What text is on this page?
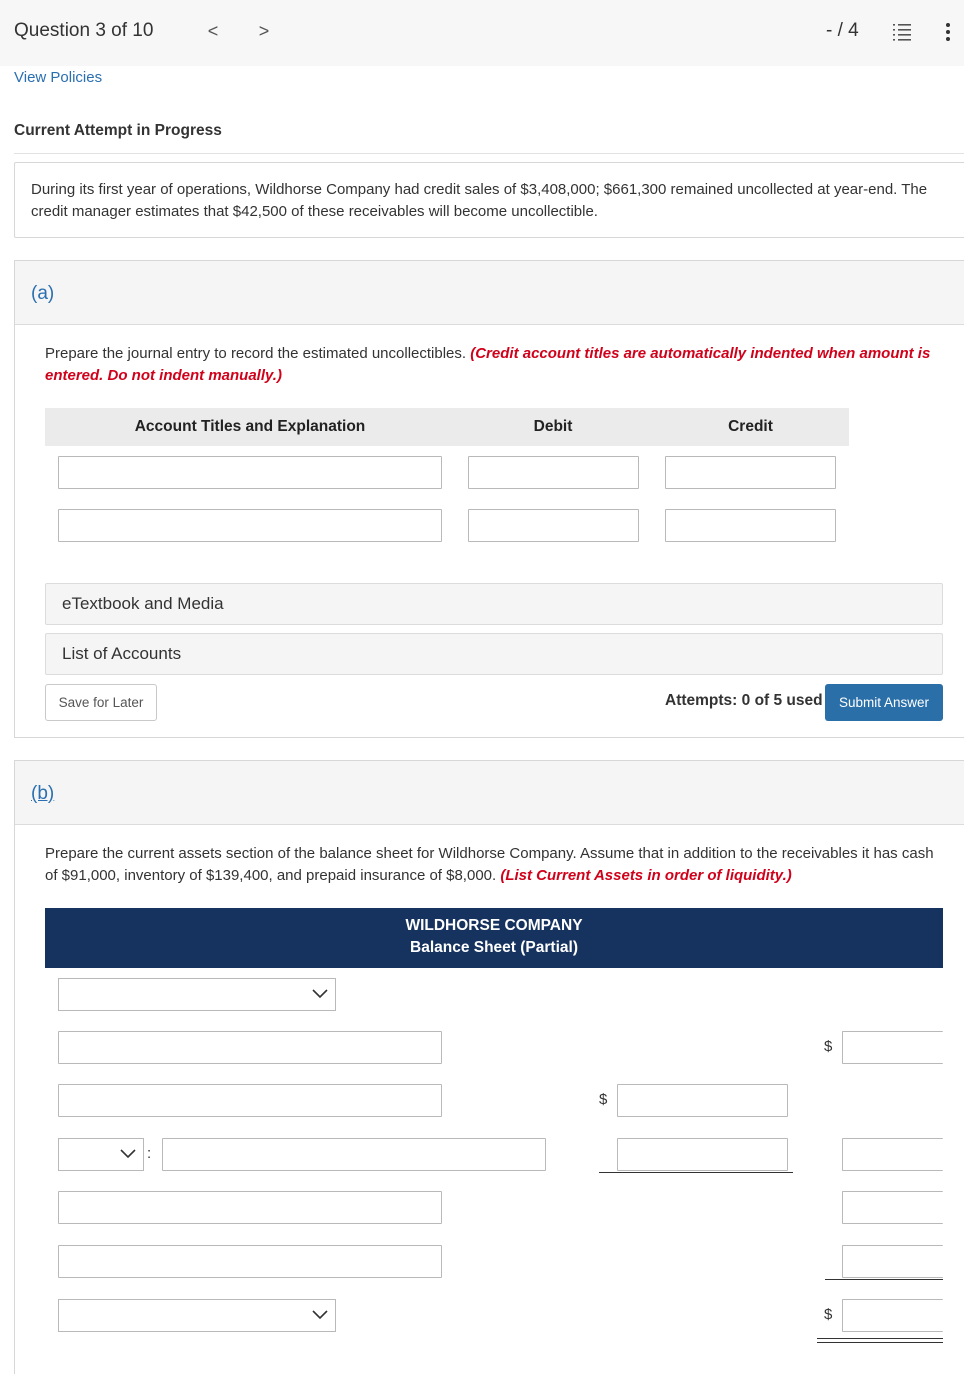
Question 3 of 10	< >	- / 4
View Policies
Current Attempt in Progress
During its first year of operations, Wildhorse Company had credit sales of $3,408,000; $661,300 remained uncollected at year-end. The credit manager estimates that $42,500 of these receivables will become uncollectible.
(a)
Prepare the journal entry to record the estimated uncollectibles. (Credit account titles are automatically indented when amount is entered. Do not indent manually.)
Account Titles and Explanation	Debit	Credit
eTextbook and Media
List of Accounts
Save for Later	Attempts: 0 of 5 used	Submit Answer
(b)
Prepare the current assets section of the balance sheet for Wildhorse Company. Assume that in addition to the receivables it has cash of $91,000, inventory of $139,400, and prepaid insurance of $8,000. (List Current Assets in order of liquidity.)
WILDHORSE COMPANY
Balance Sheet (Partial)
$
$
:
$
